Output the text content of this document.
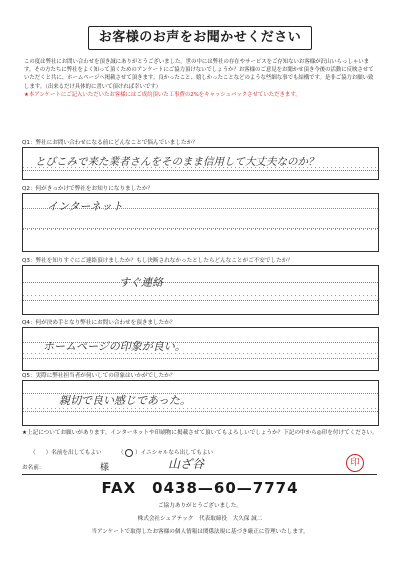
お客様のお声をお聞かせください
この度は弊社にお問い合わせを頂き誠にありがとうございました。世の中には弊社の存在やサービスをご存知ないお客様が沢山いらっしゃいます。その方たちに弊社をよく知って頂くためのアンケートにご協力頂けないでしょうか？お客様のご意見をお聞かせ頂き今後の活動に反映させていただくと共に、ホームページへ掲載させて頂きます。良かったこと、嬉しかったことなどのような些細な事でも結構です。是非ご協力お願い致します。（出来るだけ具体的に書いて頂ければ幸いです）
★本アンケートにご記入いただいたお客様にはご成約頂いた工事費の2%をキャッシュバックさせていただきます。
Q1：弊社にお問い合わせになる前にどんなことで悩んでいましたか？
とびこみで来た業者さんをそのまま信用して大丈夫なのか？
Q2：何がきっかけで弊社をお知りになりましたか？
インターネット
Q3：弊社を知りすぐにご連絡頂けましたか？もし決断されなかったとしたらどんなことがご不安でしたか？
すぐ連絡
Q4：何が決め手となり弊社にお問い合わせを頂きましたか？
ホームページの印象が良い。
Q5：実際に弊社担当者が伺いしての印象はいかがでしたか？
親切で良い感じであった。
★上記についてお願いがあります。インターネットや印刷物に掲載させて頂いてもよろしいでしょうか？下記の中から◎印を付けてください。
（ ）名前を出してもよい	（  ）イニシャルなら出してもよい
お名前：	様	山ざ谷	印
FAX　0438—60—7774
ご協力ありがとうございました。
株式会社シェアテック　代表取締役　大久保 誠二
当アンケートで取得したお客様の個人情報は関係法規に基づき厳正に管理いたします。
